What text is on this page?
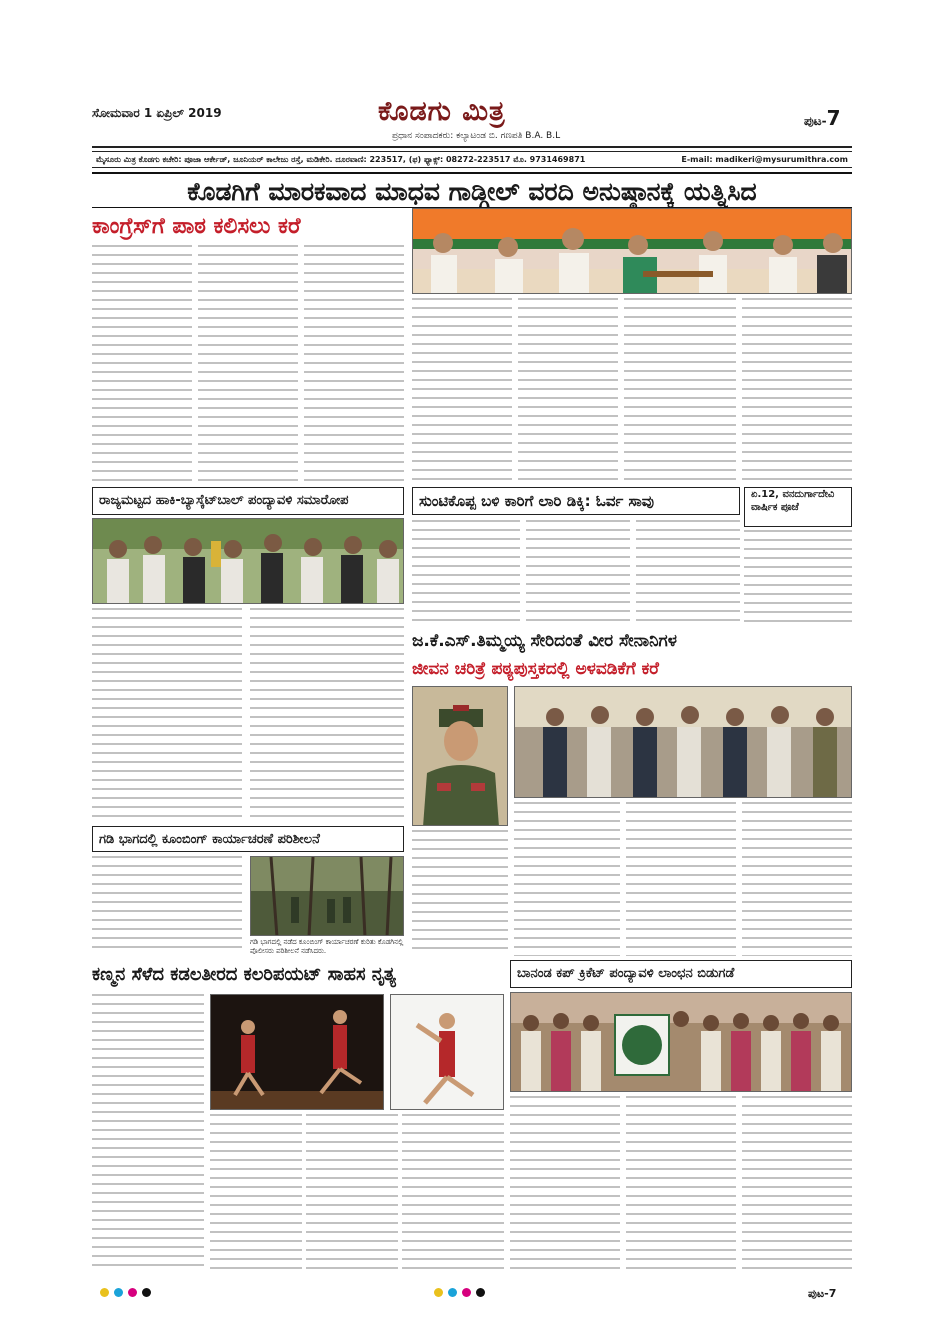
ಸೋಮವಾರ 1 ಏಪ್ರಿಲ್ 2019	ಕೊಡಗು ಮಿತ್ರ
ಪ್ರಧಾನ ಸಂಪಾದಕರು: ಕಲ್ಯಾಟಂಡ ಬಿ. ಗಣಪತಿ B.A. B.L
ಪುಟ-7
ಮೈಸೂರು ಮಿತ್ರ ಕೊಡಗು ಕಚೇರಿ: ಪೂಜಾ ಆರ್ಕೇಡ್, ಜೂನಿಯರ್ ಕಾಲೇಜು ರಸ್ತೆ, ಮಡಿಕೇರಿ. ದೂರವಾಣಿ: 223517, (ಫ) ಫ್ಯಾಕ್ಸ್: 08272-223517 ಮೊ. 9731469871	E-mail: madikeri@mysurumithra.com
ಕೊಡಗಿಗೆ ಮಾರಕವಾದ ಮಾಧವ ಗಾಡ್ಗೀಲ್ ವರದಿ ಅನುಷ್ಠಾನಕ್ಕೆ ಯತ್ನಿಸಿದ
ಕಾಂಗ್ರೆಸ್‌ಗೆ ಪಾಠ ಕಲಿಸಲು ಕರೆ
ರಾಜ್ಯಮಟ್ಟದ ಹಾಕಿ-ಬ್ಯಾಸ್ಕೆಟ್‌ಬಾಲ್ ಪಂದ್ಯಾವಳಿ ಸಮಾರೋಪ	ಸುಂಟಿಕೊಪ್ಪ ಬಳಿ ಕಾರಿಗೆ ಲಾರಿ ಡಿಕ್ಕಿ: ಓರ್ವ ಸಾವು	ಏ.12, ವನದುರ್ಗಾದೇವಿ ವಾರ್ಷಿಕ ಪೂಜೆ
ಜ.ಕೆ.ಎಸ್.ತಿಮ್ಮಯ್ಯ ಸೇರಿದಂತೆ ವೀರ ಸೇನಾನಿಗಳ
ಜೀವನ ಚರಿತ್ರೆ ಪಠ್ಯಪುಸ್ತಕದಲ್ಲಿ ಅಳವಡಿಕೆಗೆ ಕರೆ
ಗಡಿ ಭಾಗದಲ್ಲಿ ಕೂಂಬಿಂಗ್ ಕಾರ್ಯಾಚರಣೆ ಪರಿಶೀಲನೆ
ಗಡಿ ಭಾಗದಲ್ಲಿ ನಡೆದ ಕೂಂಬಿಂಗ್ ಕಾರ್ಯಾಚರಣೆ ಕುರಿತು ಕೊಡಗಿನಲ್ಲಿ ಪೊಲೀಸರು ಪರಿಶೀಲನೆ ನಡೆಸಿದರು.
ಕಣ್ಮನ ಸೆಳೆದ ಕಡಲತೀರದ ಕಲರಿಪಯಟ್ ಸಾಹಸ ನೃತ್ಯ	ಬಾನಂಡ ಕಪ್ ಕ್ರಿಕೆಟ್ ಪಂದ್ಯಾವಳಿ ಲಾಂಛನ ಬಿಡುಗಡೆ
ಪುಟ-7
